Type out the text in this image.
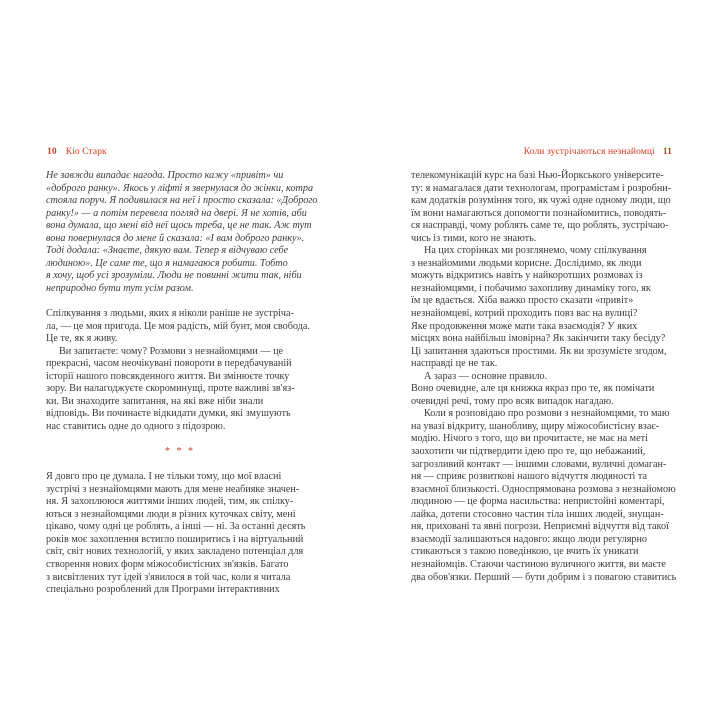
10 Кіо Старк
Не завжди випадає нагода. Просто кажу «привіт» чи
«доброго ранку». Якось у ліфті я звернулася до жінки, котра
стояла поруч. Я подивилася на неї і просто сказала: «Доброго
ранку!» — а потім перевела погляд на двері. Я не хотів, аби
вона думала, що мені від неї щось треба, це не так. Аж тут
вона повернулася до мене й сказала: «І вам доброго ранку».
Тоді додала: «Знаєте, дякую вам. Тепер я відчуваю себе
людиною». Це саме те, що я намагаюся робити. Тобто
я хочу, щоб усі зрозуміли. Люди не повинні жити так, ніби
неприродно бути тут усім разом.
Спілкування з людьми, яких я ніколи раніше не зустріча-
ла, — це моя пригода. Це моя радість, мій бунт, моя свобода.
Це те, як я живу.
Ви запитаєте: чому? Розмови з незнайомцями — це
прекрасні, часом неочікувані повороти в передбачуваній
історії нашого повсякденного життя. Ви змінюєте точку
зору. Ви налагоджуєте скороминущі, проте важливі зв'яз-
ки. Ви знаходите запитання, на які вже ніби знали
відповідь. Ви починаєте відкидати думки, які змушують
нас ставитись одне до одного з підозрою.
* * *
Я довго про це думала. І не тільки тому, що мої власні
зустрічі з незнайомцями мають для мене неабияке значен-
ня. Я захоплююся життями інших людей, тим, як спілку-
ються з незнайомцями люди в різних куточках світу, мені
цікаво, чому одні це роблять, а інші — ні. За останні десять
років моє захоплення встигло поширитись і на віртуальний
світ, світ нових технологій, у яких закладено потенціал для
створення нових форм міжособистісних зв'язків. Багато
з висвітлених тут ідей з'явилося в той час, коли я читала
спеціально розроблений для Програми інтерактивних
Коли зустрічаються незнайомці 11
телекомунікацій курс на базі Нью-Йоркського університе-
ту: я намагалася дати технологам, програмістам і розробни-
кам додатків розуміння того, як чужі одне одному люди, що
їм вони намагаються допомогти познайомитись, поводять-
ся насправді, чому роблять саме те, що роблять, зустрічаю-
чись із тими, кого не знають.
На цих сторінках ми розглянемо, чому спілкування
з незнайомими людьми корисне. Дослідимо, як люди
можуть відкритись навіть у найкоротших розмовах із
незнайомцями, і побачимо захопливу динаміку того, як
їм це вдається. Хіба важко просто сказати «привіт»
незнайомцеві, котрий проходить повз вас на вулиці?
Яке продовження може мати така взаємодія? У яких
місцях вона найбільш імовірна? Як закінчити таку бесіду?
Ці запитання здаються простими. Як ви зрозумієте згодом,
насправді це не так.
А зараз — основне правило.
Воно очевидне, але ця книжка якраз про те, як помічати
очевидні речі, тому про всяк випадок нагадаю.
Коли я розповідаю про розмови з незнайомцями, то маю
на увазі відкриту, шанобливу, щиру міжособистісну взає-
модію. Нічого з того, що ви прочитаєте, не має на меті
заохотити чи підтвердити ідею про те, що небажаний,
загрозливий контакт — іншими словами, вуличні домаган-
ня — сприяє розвиткові нашого відчуття людяності та
взаємної близькості. Односпрямована розмова з незнайомою
людиною — це форма насильства: непристойні коментарі,
лайка, дотепи стосовно частин тіла інших людей, знущан-
ня, приховані та явні погрози. Неприємні відчуття від такої
взаємодії залишаються надовго: якщо люди регулярно
стикаються з такою поведінкою, це вчить їх уникати
незнайомців. Стаючи частиною вуличного життя, ви маєте
два обов'язки. Перший — бути добрим і з повагою ставитись
